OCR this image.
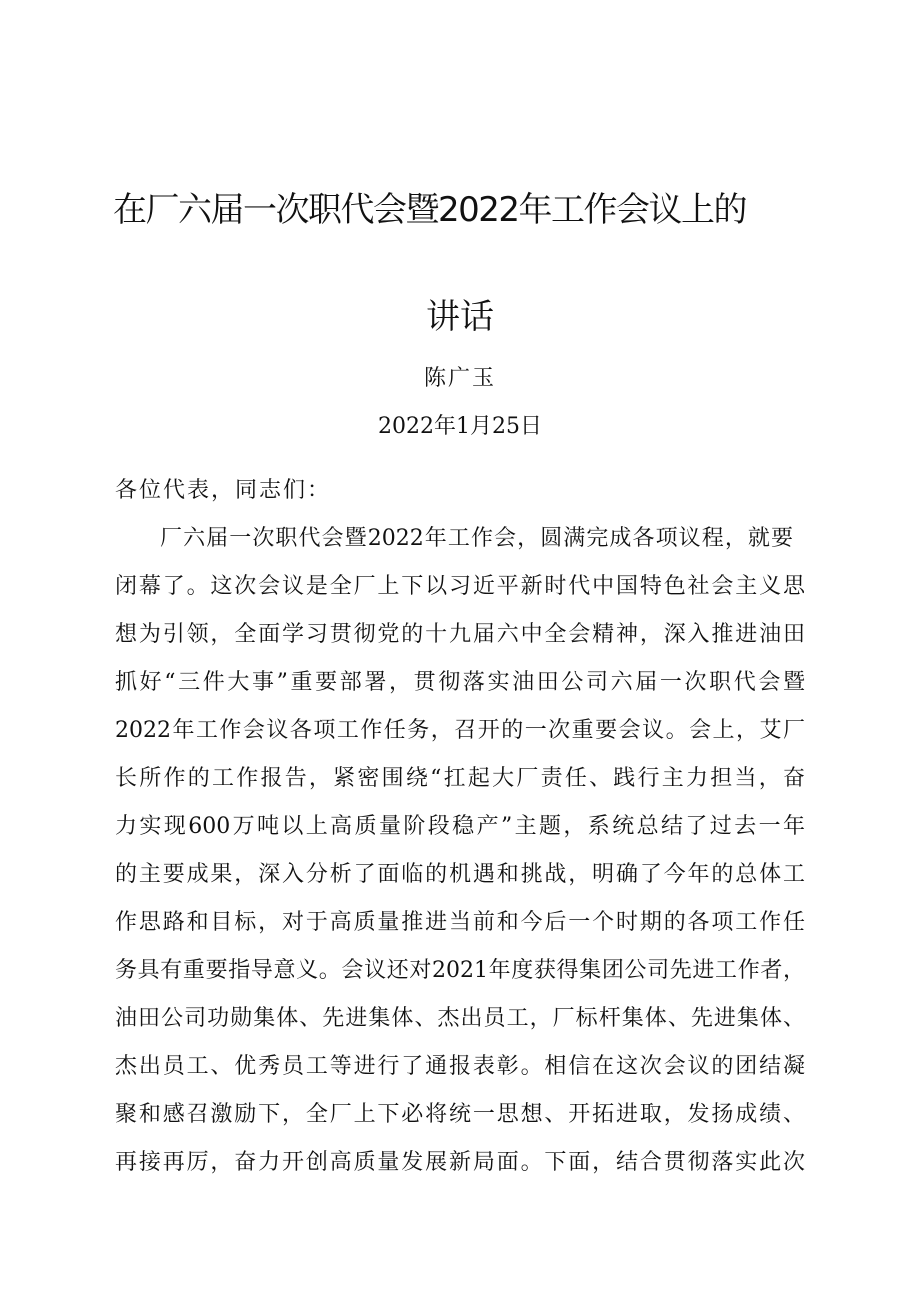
在厂六届一次职代会暨2022年工作会议上的
讲话
陈广玉
2022年1月25日
各位代表，同志们：
厂六届一次职代会暨2022年工作会，圆满完成各项议程，就要
闭幕了。这次会议是全厂上下以习近平新时代中国特色社会主义思
想为引领，全面学习贯彻党的十九届六中全会精神，深入推进油田
抓好“三件大事”重要部署，贯彻落实油田公司六届一次职代会暨
2022年工作会议各项工作任务，召开的一次重要会议。会上，艾厂
长所作的工作报告，紧密围绕“扛起大厂责任、践行主力担当，奋
力实现600万吨以上高质量阶段稳产”主题，系统总结了过去一年
的主要成果，深入分析了面临的机遇和挑战，明确了今年的总体工
作思路和目标，对于高质量推进当前和今后一个时期的各项工作任
务具有重要指导意义。会议还对2021年度获得集团公司先进工作者，
油田公司功勋集体、先进集体、杰出员工，厂标杆集体、先进集体、
杰出员工、优秀员工等进行了通报表彰。相信在这次会议的团结凝
聚和感召激励下，全厂上下必将统一思想、开拓进取，发扬成绩、
再接再厉，奋力开创高质量发展新局面。下面，结合贯彻落实此次
